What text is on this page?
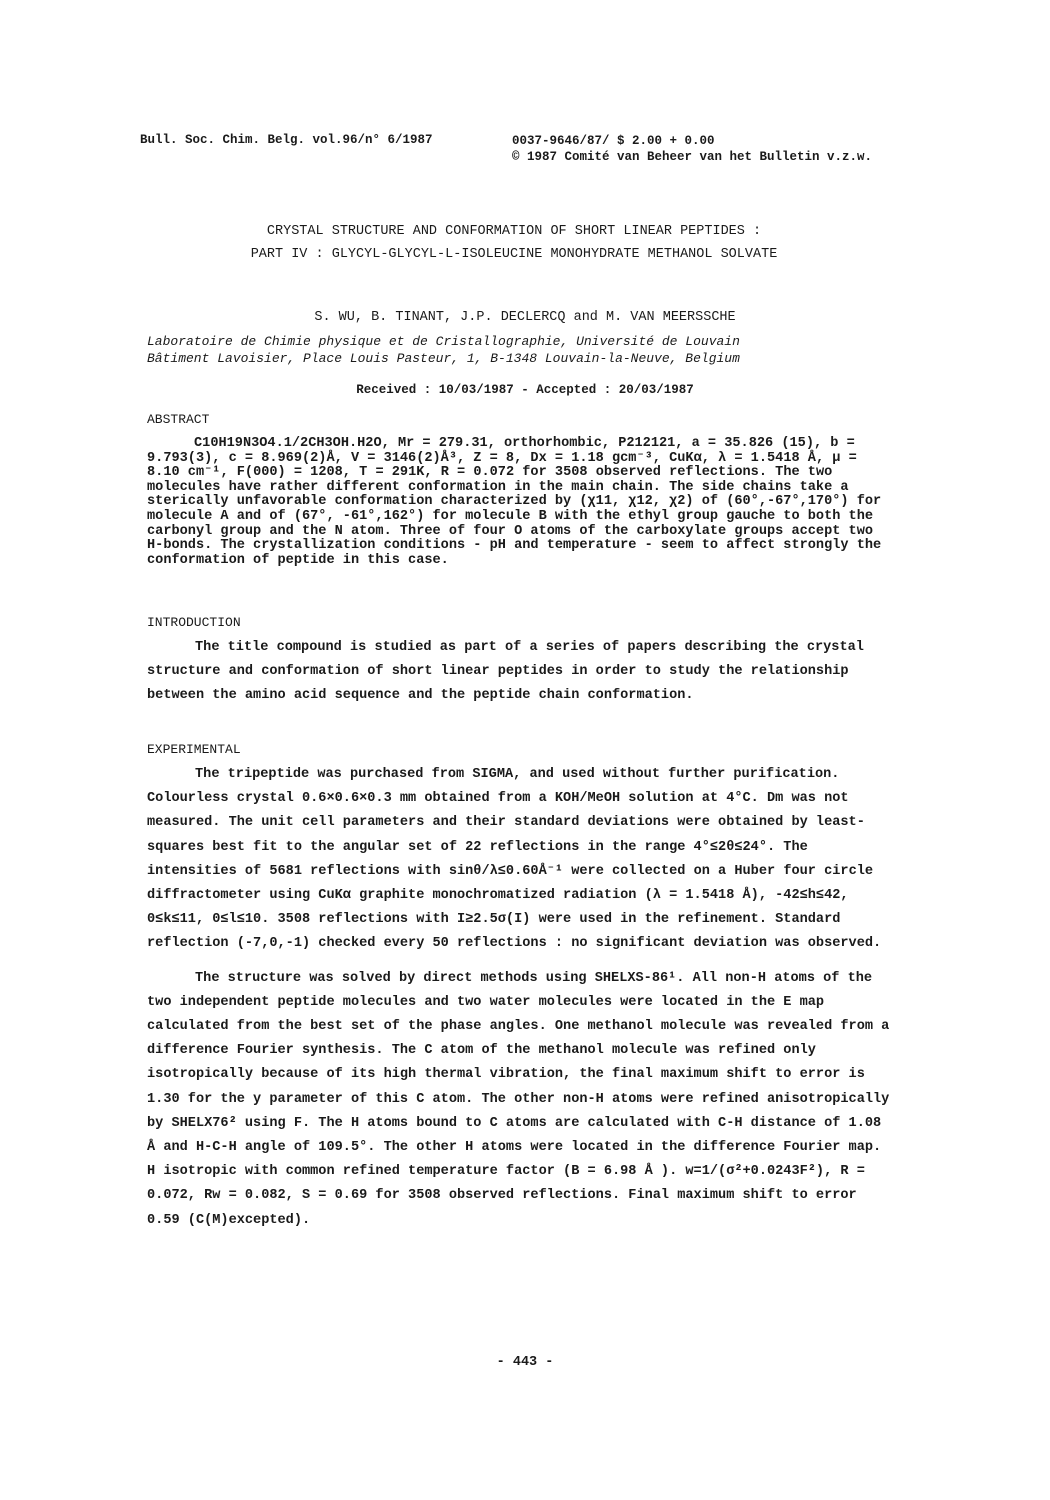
Bull. Soc. Chim. Belg. vol.96/n° 6/1987	0037-9646/87/ $ 2.00 + 0.00
© 1987 Comité van Beheer van het Bulletin v.z.w.
CRYSTAL STRUCTURE AND CONFORMATION OF SHORT LINEAR PEPTIDES :
PART IV : GLYCYL-GLYCYL-L-ISOLEUCINE MONOHYDRATE METHANOL SOLVATE
S. WU, B. TINANT, J.P. DECLERCQ and M. VAN MEERSSCHE
Laboratoire de Chimie physique et de Cristallographie, Université de Louvain
Bâtiment Lavoisier, Place Louis Pasteur, 1, B-1348 Louvain-la-Neuve, Belgium
Received : 10/03/1987 - Accepted : 20/03/1987
ABSTRACT

C10H19N3O4.1/2CH3OH.H2O, Mr = 279.31, orthorhombic, P212121, a = 35.826 (15), b = 9.793(3), c = 8.969(2)Å, V = 3146(2)Å³, Z = 8, Dx = 1.18 gcm⁻³, CuKα, λ = 1.5418 Å, μ = 8.10 cm⁻¹, F(000) = 1208, T = 291K, R = 0.072 for 3508 observed reflections. The two molecules have rather different conformation in the main chain. The side chains take a sterically unfavorable conformation characterized by (χ11, χ12, χ2) of (60°,-67°,170°) for molecule A and of (67°, -61°,162°) for molecule B with the ethyl group gauche to both the carbonyl group and the N atom. Three of four O atoms of the carboxylate groups accept two H-bonds. The crystallization conditions - pH and temperature - seem to affect strongly the conformation of peptide in this case.

INTRODUCTION

The title compound is studied as part of a series of papers describing the crystal structure and conformation of short linear peptides in order to study the relationship between the amino acid sequence and the peptide chain conformation.

EXPERIMENTAL

The tripeptide was purchased from SIGMA, and used without further purification. Colourless crystal 0.6×0.6×0.3 mm obtained from a KOH/MeOH solution at 4°C. Dm was not measured. The unit cell parameters and their standard deviations were obtained by least-squares best fit to the angular set of 22 reflections in the range 4°≤2θ≤24°. The intensities of 5681 reflections with sinθ/λ≤0.60Å⁻¹ were collected on a Huber four circle diffractometer using CuKα graphite monochromatized radiation (λ = 1.5418 Å), -42≤h≤42, 0≤k≤11, 0≤l≤10. 3508 reflections with I≥2.5σ(I) were used in the refinement. Standard reflection (-7,0,-1) checked every 50 reflections : no significant deviation was observed.

The structure was solved by direct methods using SHELXS-86¹. All non-H atoms of the two independent peptide molecules and two water molecules were located in the E map calculated from the best set of the phase angles. One methanol molecule was revealed from a difference Fourier synthesis. The C atom of the methanol molecule was refined only isotropically because of its high thermal vibration, the final maximum shift to error is 1.30 for the y parameter of this C atom. The other non-H atoms were refined anisotropically by SHELX76² using F. The H atoms bound to C atoms are calculated with C-H distance of 1.08 Å and H-C-H angle of 109.5°. The other H atoms were located in the difference Fourier map. H isotropic with common refined temperature factor (B = 6.98 Å ). w=1/(σ²+0.0243F²), R = 0.072, Rw = 0.082, S = 0.69 for 3508 observed reflections. Final maximum shift to error 0.59 (C(M)excepted).

- 443 -
